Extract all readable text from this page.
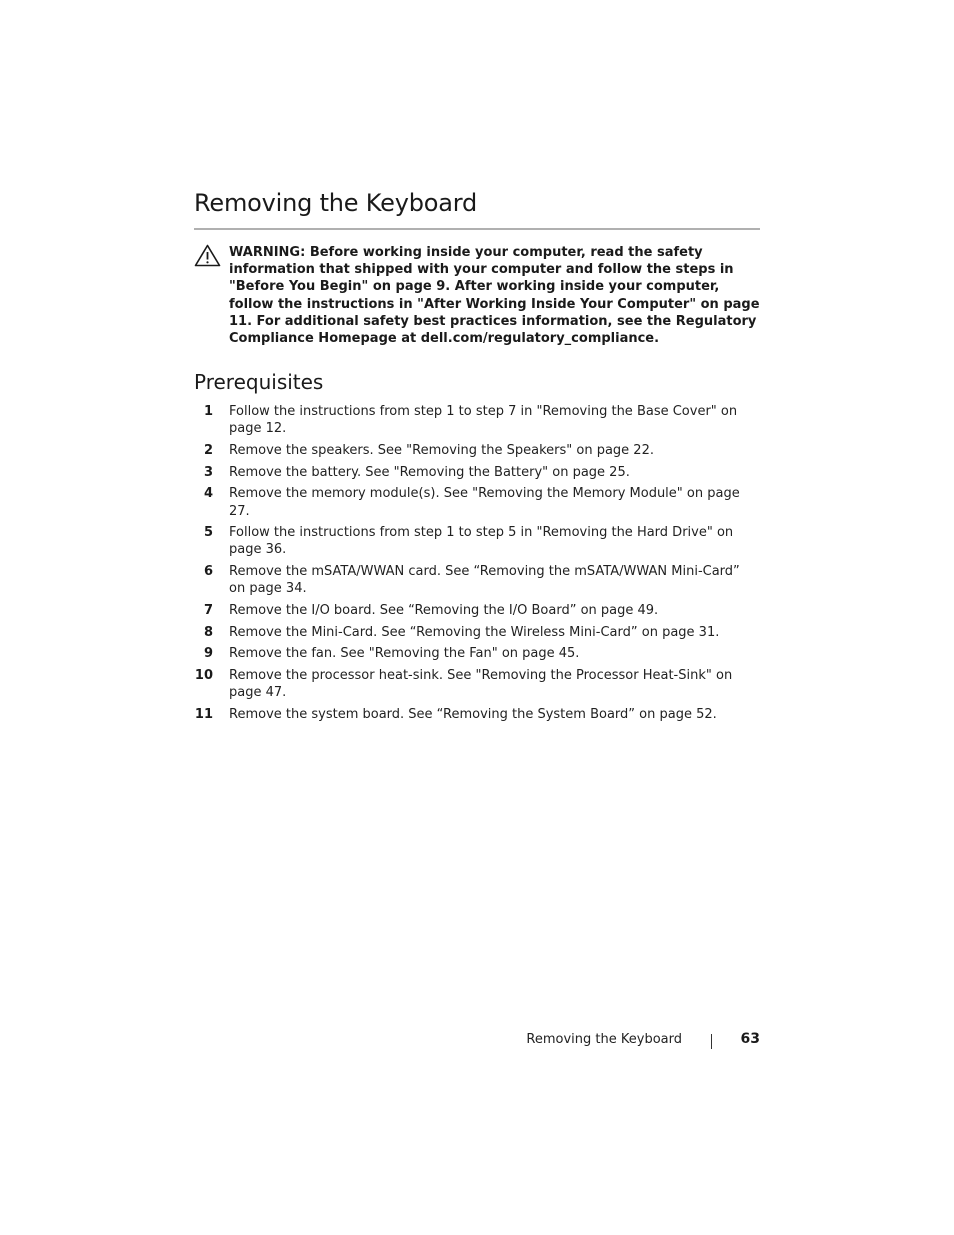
Removing the Keyboard
WARNING: Before working inside your computer, read the safety information that shipped with your computer and follow the steps in "Before You Begin" on page 9. After working inside your computer, follow the instructions in "After Working Inside Your Computer" on page 11. For additional safety best practices information, see the Regulatory Compliance Homepage at dell.com/regulatory_compliance.
Prerequisites
1 Follow the instructions from step 1 to step 7 in "Removing the Base Cover" on page 12.
2 Remove the speakers. See "Removing the Speakers" on page 22.
3 Remove the battery. See "Removing the Battery" on page 25.
4 Remove the memory module(s). See "Removing the Memory Module" on page 27.
5 Follow the instructions from step 1 to step 5 in "Removing the Hard Drive" on page 36.
6 Remove the mSATA/WWAN card. See “Removing the mSATA/WWAN Mini-Card” on page 34.
7 Remove the I/O board. See “Removing the I/O Board” on page 49.
8 Remove the Mini-Card. See “Removing the Wireless Mini-Card” on page 31.
9 Remove the fan. See "Removing the Fan" on page 45.
10 Remove the processor heat-sink. See "Removing the Processor Heat-Sink" on page 47.
11 Remove the system board. See “Removing the System Board” on page 52.
Removing the Keyboard	63
